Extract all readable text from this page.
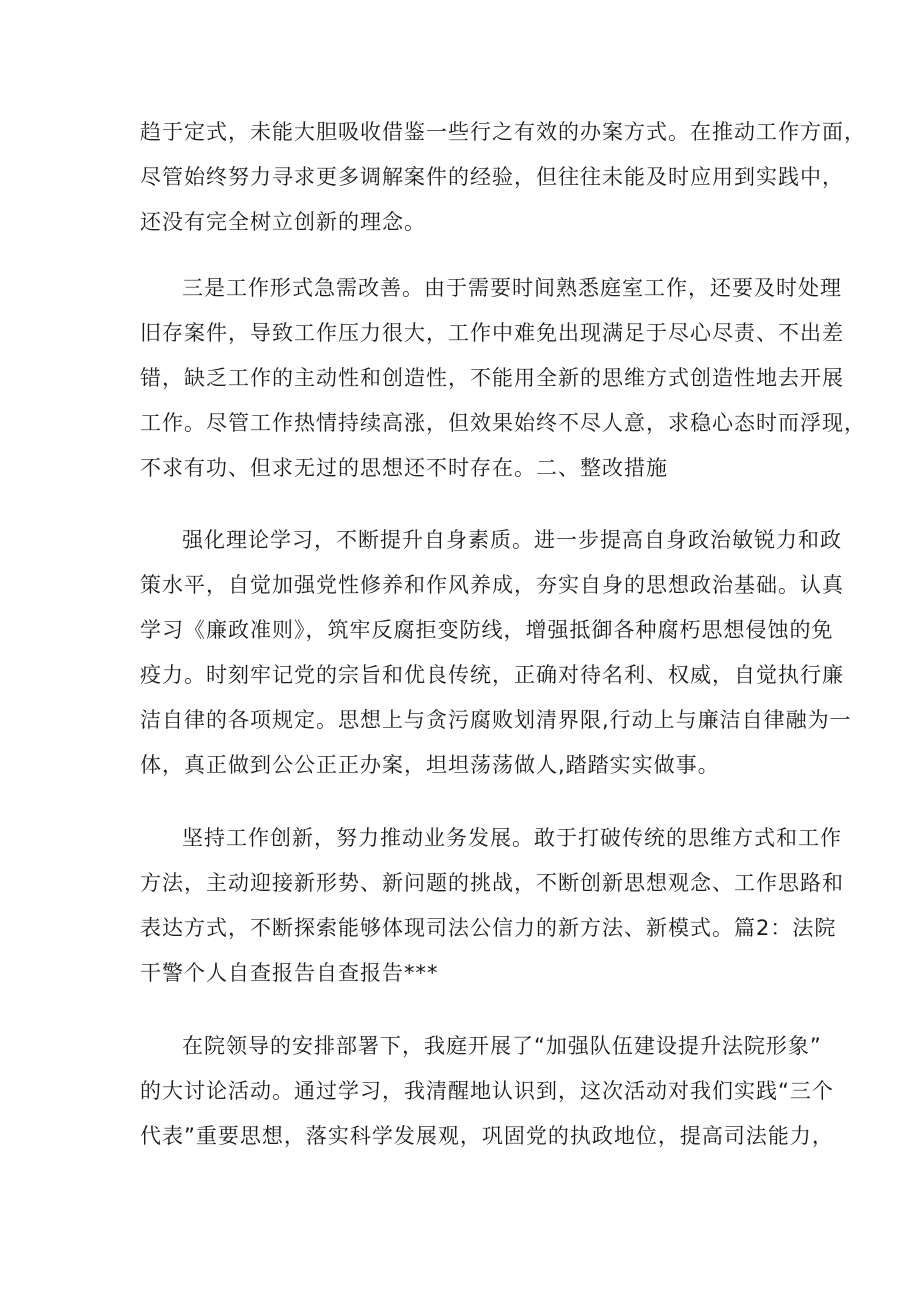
趋于定式，未能大胆吸收借鉴一些行之有效的办案方式。在推动工作方面，
尽管始终努力寻求更多调解案件的经验，但往往未能及时应用到实践中，
还没有完全树立创新的理念。
三是工作形式急需改善。由于需要时间熟悉庭室工作，还要及时处理
旧存案件，导致工作压力很大，工作中难免出现满足于尽心尽责、不出差
错，缺乏工作的主动性和创造性，不能用全新的思维方式创造性地去开展
工作。尽管工作热情持续高涨，但效果始终不尽人意，求稳心态时而浮现，
不求有功、但求无过的思想还不时存在。二、整改措施
强化理论学习，不断提升自身素质。进一步提高自身政治敏锐力和政
策水平，自觉加强党性修养和作风养成，夯实自身的思想政治基础。认真
学习《廉政准则》，筑牢反腐拒变防线，增强抵御各种腐朽思想侵蚀的免
疫力。时刻牢记党的宗旨和优良传统，正确对待名利、权威，自觉执行廉
洁自律的各项规定。思想上与贪污腐败划清界限,行动上与廉洁自律融为一
体，真正做到公公正正办案，坦坦荡荡做人,踏踏实实做事。
坚持工作创新，努力推动业务发展。敢于打破传统的思维方式和工作
方法，主动迎接新形势、新问题的挑战，不断创新思想观念、工作思路和
表达方式，不断探索能够体现司法公信力的新方法、新模式。篇2：法院
干警个人自查报告自查报告***
在院领导的安排部署下，我庭开展了“加强队伍建设提升法院形象”
的大讨论活动。通过学习，我清醒地认识到，这次活动对我们实践“三个
代表”重要思想，落实科学发展观，巩固党的执政地位，提高司法能力，
